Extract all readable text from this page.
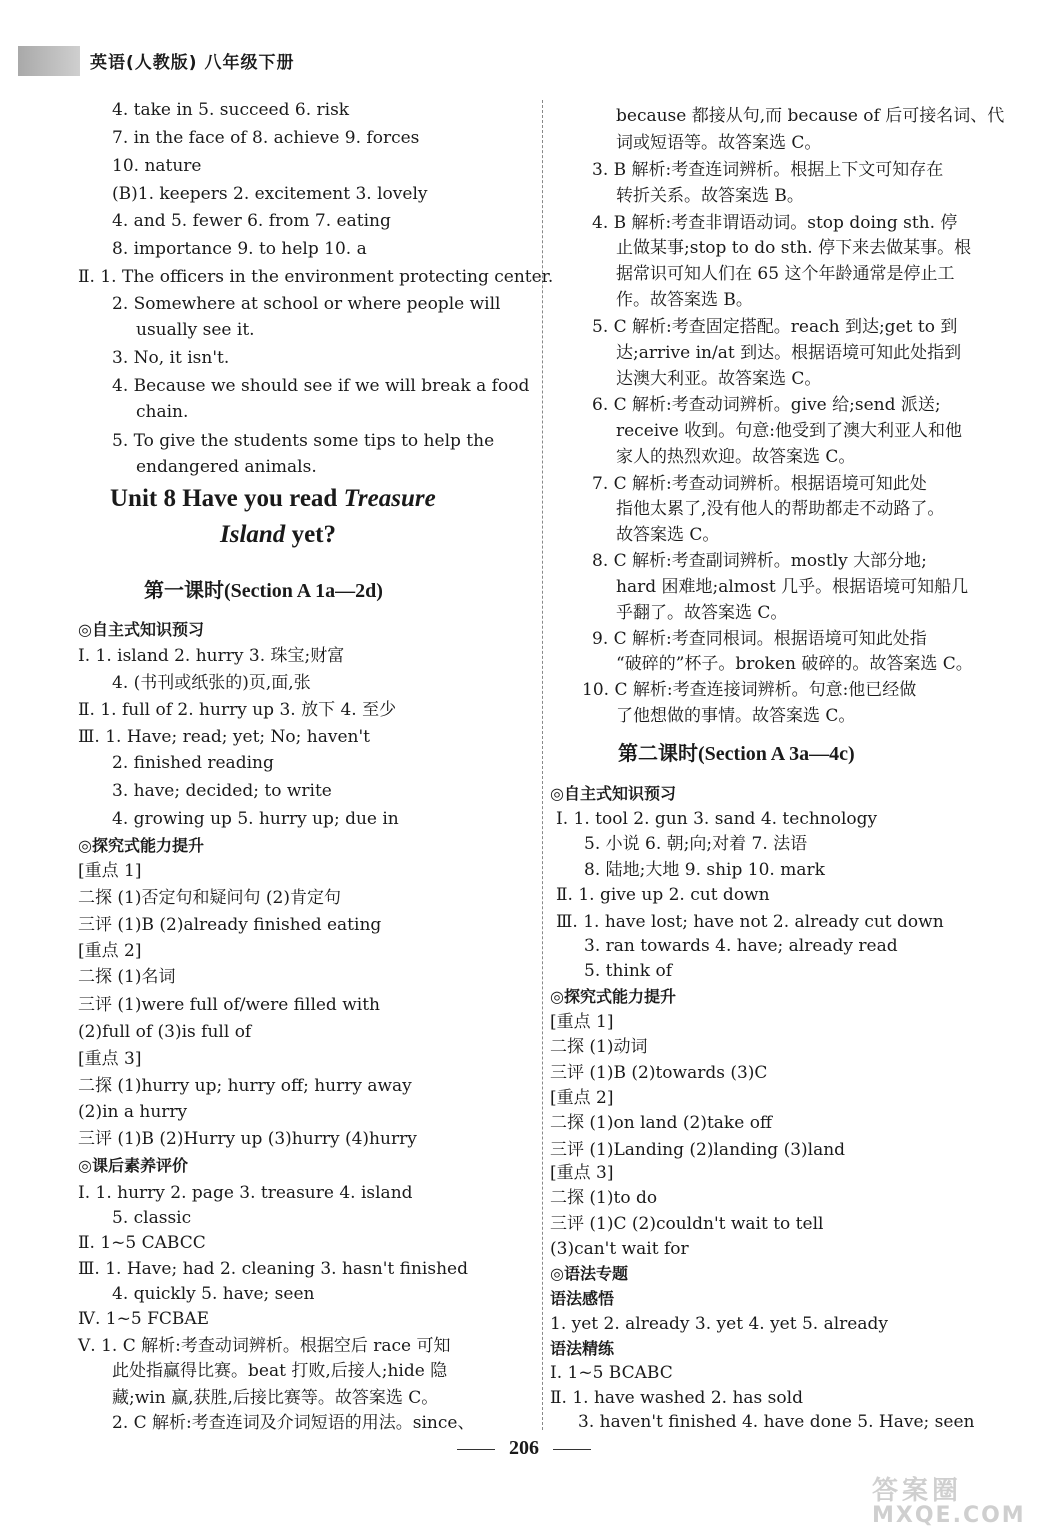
英语(人教版) 八年级下册
Unit 8 Have you read Treasure
Island yet?
第一课时(Section A 1a—2d)
4. take in 5. succeed 6. risk
7. in the face of 8. achieve 9. forces
10. nature
(B)1. keepers 2. excitement 3. lovely
4. and 5. fewer 6. from 7. eating
8. importance 9. to help 10. a
Ⅱ. 1. The officers in the environment protecting center.
2. Somewhere at school or where people will
usually see it.
3. No, it isn't.
4. Because we should see if we will break a food
chain.
5. To give the students some tips to help the
endangered animals.
◎自主式知识预习
Ⅰ. 1. island 2. hurry 3. 珠宝;财富
4. (书刊或纸张的)页,面,张
Ⅱ. 1. full of 2. hurry up 3. 放下 4. 至少
Ⅲ. 1. Have; read; yet; No; haven't
2. finished reading
3. have; decided; to write
4. growing up 5. hurry up; due in
◎探究式能力提升
[重点 1]
二探 (1)否定句和疑问句 (2)肯定句
三评 (1)B (2)already finished eating
[重点 2]
二探 (1)名词
三评 (1)were full of/were filled with
(2)full of (3)is full of
[重点 3]
二探 (1)hurry up; hurry off; hurry away
(2)in a hurry
三评 (1)B (2)Hurry up (3)hurry (4)hurry
◎课后素养评价
Ⅰ. 1. hurry 2. page 3. treasure 4. island
5. classic
Ⅱ. 1~5 CABCC
Ⅲ. 1. Have; had 2. cleaning 3. hasn't finished
4. quickly 5. have; seen
Ⅳ. 1~5 FCBAE
Ⅴ. 1. C 解析:考查动词辨析。根据空后 race 可知
此处指赢得比赛。beat 打败,后接人;hide 隐
藏;win 赢,获胜,后接比赛等。故答案选 C。
2. C 解析:考查连词及介词短语的用法。since、
第二课时(Section A 3a—4c)
because 都接从句,而 because of 后可接名词、代
词或短语等。故答案选 C。
3. B 解析:考查连词辨析。根据上下文可知存在
转折关系。故答案选 B。
4. B 解析:考查非谓语动词。stop doing sth. 停
止做某事;stop to do sth. 停下来去做某事。根
据常识可知人们在 65 这个年龄通常是停止工
作。故答案选 B。
5. C 解析:考查固定搭配。reach 到达;get to 到
达;arrive in/at 到达。根据语境可知此处指到
达澳大利亚。故答案选 C。
6. C 解析:考查动词辨析。give 给;send 派送;
receive 收到。句意:他受到了澳大利亚人和他
家人的热烈欢迎。故答案选 C。
7. C 解析:考查动词辨析。根据语境可知此处
指他太累了,没有他人的帮助都走不动路了。
故答案选 C。
8. C 解析:考查副词辨析。mostly 大部分地;
hard 困难地;almost 几乎。根据语境可知船几
乎翻了。故答案选 C。
9. C 解析:考查同根词。根据语境可知此处指
“破碎的”杯子。broken 破碎的。故答案选 C。
10. C 解析:考查连接词辨析。句意:他已经做
了他想做的事情。故答案选 C。
◎自主式知识预习
Ⅰ. 1. tool 2. gun 3. sand 4. technology
5. 小说 6. 朝;向;对着 7. 法语
8. 陆地;大地 9. ship 10. mark
Ⅱ. 1. give up 2. cut down
Ⅲ. 1. have lost; have not 2. already cut down
3. ran towards 4. have; already read
5. think of
◎探究式能力提升
[重点 1]
二探 (1)动词
三评 (1)B (2)towards (3)C
[重点 2]
二探 (1)on land (2)take off
三评 (1)Landing (2)landing (3)land
[重点 3]
二探 (1)to do
三评 (1)C (2)couldn't wait to tell
(3)can't wait for
◎语法专题
语法感悟
1. yet 2. already 3. yet 4. yet 5. already
语法精练
Ⅰ. 1~5 BCABC
Ⅱ. 1. have washed 2. has sold
3. haven't finished 4. have done 5. Have; seen
206
答案圈
MXQE.COM
